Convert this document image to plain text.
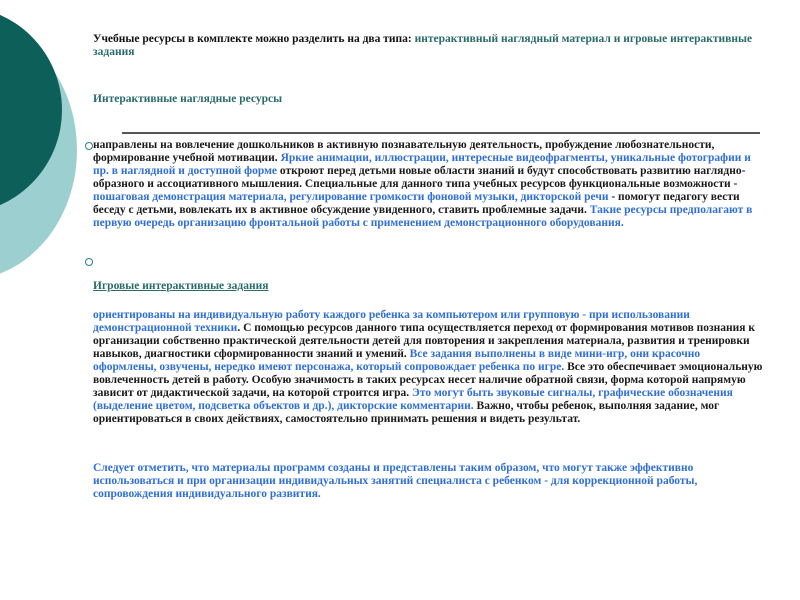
Учебные ресурсы в комплекте можно разделить на два типа: интерактивный наглядный материал и игровые интерактивные задания
Интерактивные наглядные ресурсы
направлены на вовлечение дошкольников в активную познавательную деятельность, пробуждение любознательности, формирование учебной мотивации. Яркие анимации, иллюстрации, интересные видеофрагменты, уникальные фотографии и пр. в наглядной и доступной форме откроют перед детьми новые области знаний и будут способствовать развитию наглядно-образного и ассоциативного мышления. Специальные для данного типа учебных ресурсов функциональные возможности - пошаговая демонстрация материала, регулирование громкости фоновой музыки, дикторской речи - помогут педагогу вести беседу с детьми, вовлекать их в активное обсуждение увиденного, ставить проблемные задачи. Такие ресурсы предполагают в первую очередь организацию фронтальной работы с применением демонстрационного оборудования.
Игровые интерактивные задания
ориентированы на индивидуальную работу каждого ребенка за компьютером или групповую - при использовании демонстрационной техники. С помощью ресурсов данного типа осуществляется переход от формирования мотивов познания к организации собственно практической деятельности детей для повторения и закрепления материала, развития и тренировки навыков, диагностики сформированности знаний и умений. Все задания выполнены в виде мини-игр, они красочно оформлены, озвучены, нередко имеют персонажа, который сопровождает ребенка по игре. Все это обеспечивает эмоциональную вовлеченность детей в работу. Особую значимость в таких ресурсах несет наличие обратной связи, форма которой напрямую зависит от дидактической задачи, на которой строится игра. Это могут быть звуковые сигналы, графические обозначения (выделение цветом, подсветка объектов и др.), дикторские комментарии. Важно, чтобы ребенок, выполняя задание, мог ориентироваться в своих действиях, самостоятельно принимать решения и видеть результат.
Следует отметить, что материалы программ созданы и представлены таким образом, что могут также эффективно использоваться и при организации индивидуальных занятий специалиста с ребенком - для коррекционной работы, сопровождения индивидуального развития.
